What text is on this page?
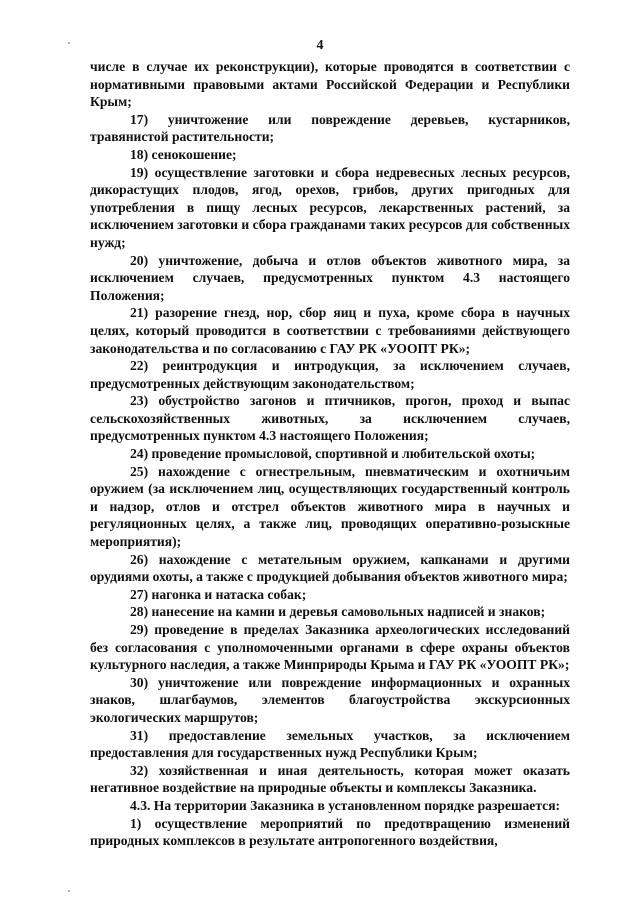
4

числе в случае их реконструкции), которые проводятся в соответствии с нормативными правовыми актами Российской Федерации и Республики Крым;

17) уничтожение или повреждение деревьев, кустарников, травянистой растительности;

18) сенокошение;

19) осуществление заготовки и сбора недревесных лесных ресурсов, дикорастущих плодов, ягод, орехов, грибов, других пригодных для употребления в пищу лесных ресурсов, лекарственных растений, за исключением заготовки и сбора гражданами таких ресурсов для собственных нужд;

20) уничтожение, добыча и отлов объектов животного мира, за исключением случаев, предусмотренных пунктом 4.3 настоящего Положения;

21) разорение гнезд, нор, сбор яиц и пуха, кроме сбора в научных целях, который проводится в соответствии с требованиями действующего законодательства и по согласованию с ГАУ РК «УООПТ РК»;

22) реинтродукция и интродукция, за исключением случаев, предусмотренных действующим законодательством;

23) обустройство загонов и птичников, прогон, проход и выпас сельскохозяйственных животных, за исключением случаев, предусмотренных пунктом 4.3 настоящего Положения;

24) проведение промысловой, спортивной и любительской охоты;

25) нахождение с огнестрельным, пневматическим и охотничьим оружием (за исключением лиц, осуществляющих государственный контроль и надзор, отлов и отстрел объектов животного мира в научных и регуляционных целях, а также лиц, проводящих оперативно-розыскные мероприятия);

26) нахождение с метательным оружием, капканами и другими орудиями охоты, а также с продукцией добывания объектов животного мира;

27) нагонка и натаска собак;

28) нанесение на камни и деревья самовольных надписей и знаков;

29) проведение в пределах Заказника археологических исследований без согласования с уполномоченными органами в сфере охраны объектов культурного наследия, а также Минприроды Крыма и ГАУ РК «УООПТ РК»;

30) уничтожение или повреждение информационных и охранных знаков, шлагбаумов, элементов благоустройства экскурсионных экологических маршрутов;

31) предоставление земельных участков, за исключением предоставления для государственных нужд Республики Крым;

32) хозяйственная и иная деятельность, которая может оказать негативное воздействие на природные объекты и комплексы Заказника.

4.3. На территории Заказника в установленном порядке разрешается:

1) осуществление мероприятий по предотвращению изменений природных комплексов в результате антропогенного воздействия,
